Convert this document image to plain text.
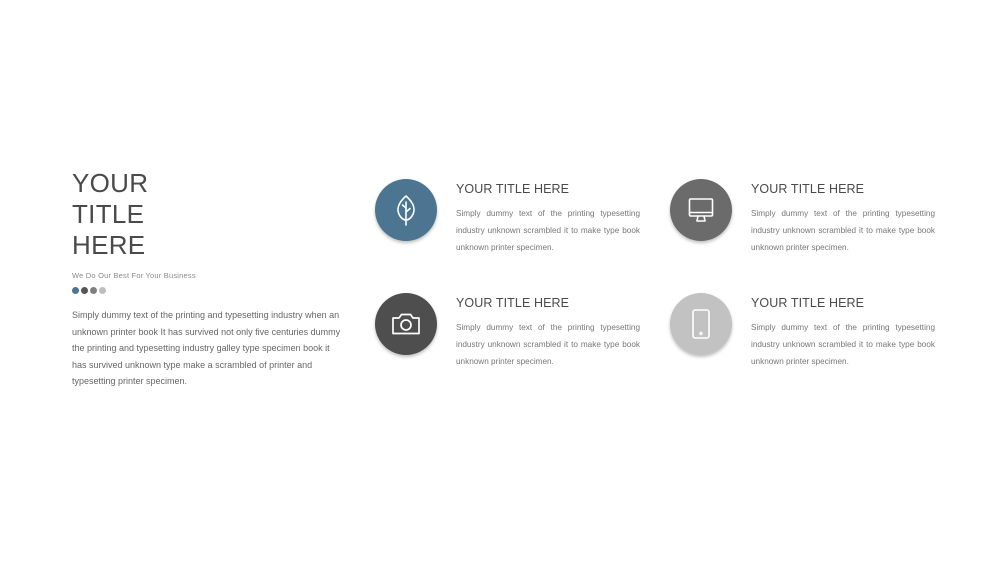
YOUR TITLE HERE
We Do Our Best For Your Business
Simply dummy text of the printing and typesetting industry when an unknown printer book It has survived not only five centuries dummy the printing and typesetting industry galley type specimen book it has survived unknown type make a scrambled of printer and typesetting printer specimen.
YOUR TITLE HERE
Simply dummy text of the printing typesetting industry unknown scrambled it to make type book unknown printer specimen.
YOUR TITLE HERE
Simply dummy text of the printing typesetting industry unknown scrambled it to make type book unknown printer specimen.
YOUR TITLE HERE
Simply dummy text of the printing typesetting industry unknown scrambled it to make type book unknown printer specimen.
YOUR TITLE HERE
Simply dummy text of the printing typesetting industry unknown scrambled it to make type book unknown printer specimen.
